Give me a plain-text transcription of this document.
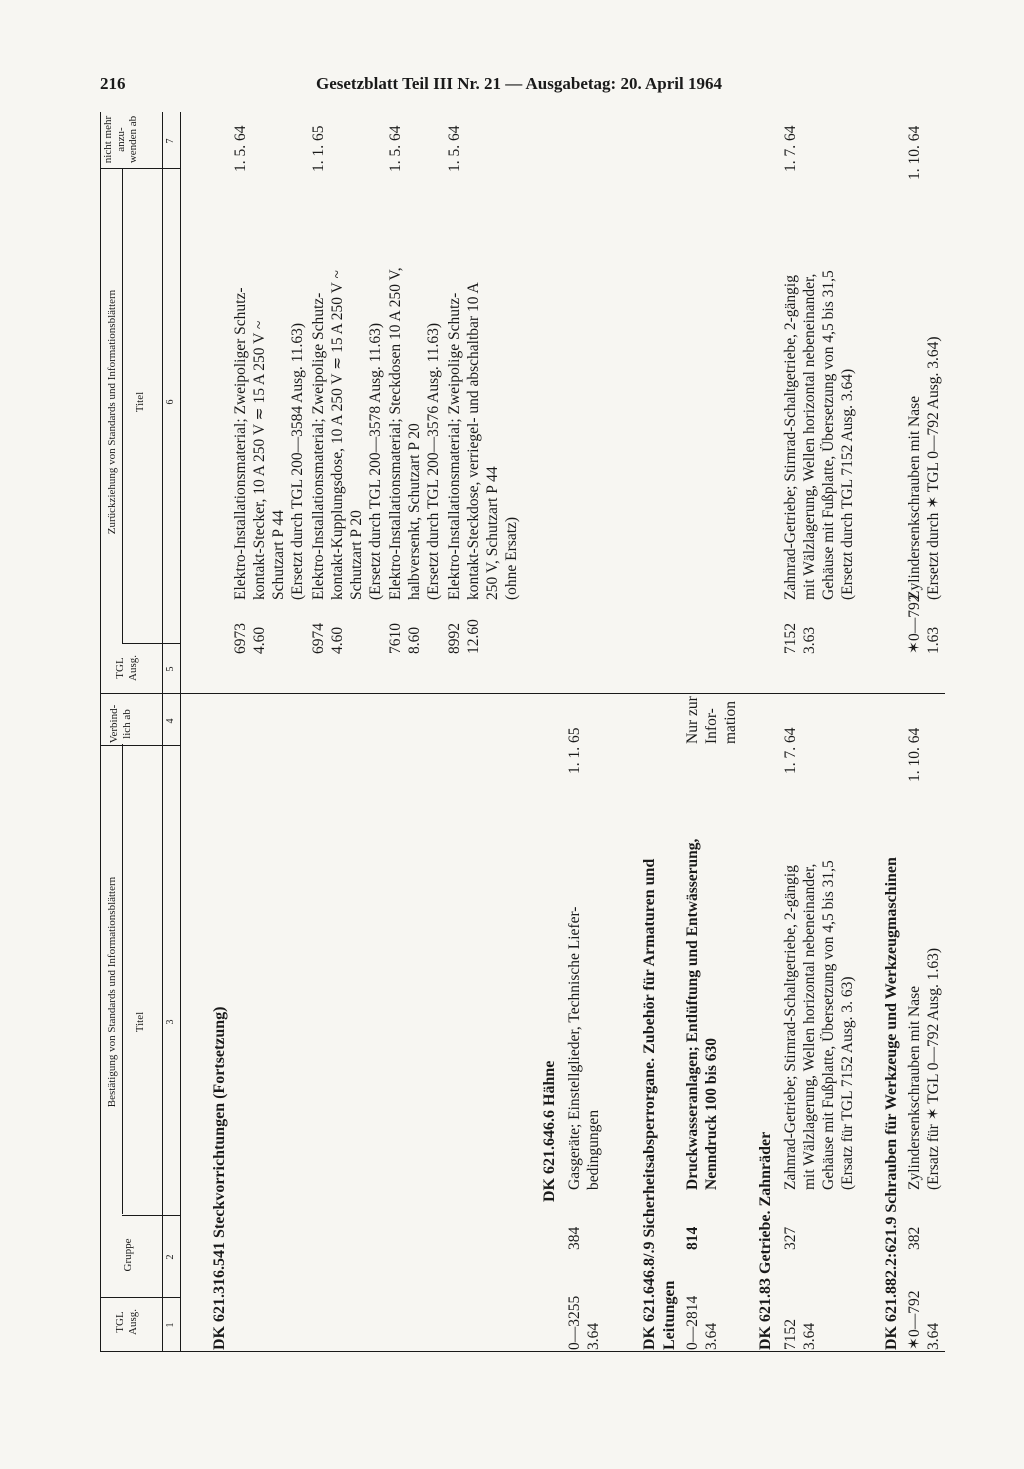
216	Gesetzblatt Teil III Nr. 21 — Ausgabetag: 20. April 1964
Bestätigung von Standards und Informationsblättern
Zurückziehung von Standards und Informationsblättern
TGL
Ausg.
Gruppe
Titel
Verbind-
lich ab
TGL
Ausg.
Titel
nicht mehr
anzu-
wenden ab
1
2
3
4
5
6
7
DK 621.316.541 Steckvorrichtungen (Fortsetzung)
6973
4.60
Elektro-Installationsmaterial; Zweipoliger Schutz-
kontakt-Stecker, 10 A 250 V ≂ 15 A 250 V ~
Schutzart P 44
(Ersetzt durch TGL 200—3584 Ausg. 11.63)
1. 5. 64
6974
4.60
Elektro-Installationsmaterial; Zweipolige Schutz-
kontakt-Kupplungsdose, 10 A 250 V ≂ 15 A 250 V ~
Schutzart P 20
(Ersetzt durch TGL 200—3578 Ausg. 11.63)
1. 1. 65
7610
8.60
Elektro-Installationsmaterial; Steckdosen 10 A 250 V,
halbversenkt, Schutzart P 20
(Ersetzt durch TGL 200—3576 Ausg. 11.63)
1. 5. 64
8992
12.60
Elektro-Installationsmaterial; Zweipolige Schutz-
kontakt-Steckdose, verriegel- und abschaltbar 10 A
250 V, Schutzart P 44
(ohne Ersatz)
1. 5. 64
DK 621.646.6 Hähne
0—3255
3.64
384
Gasgeräte; Einstellglieder, Technische Liefer-
bedingungen
1. 1. 65
DK 621.646.8/.9 Sicherheitsabsperrorgane. Zubehör für Armaturen und
Leitungen 0—2814
3.64
814
Druckwasseranlagen; Entlüftung und Entwässerung,
Nenndruck 100 bis 630
Nur zur
Infor-
mation
DK 621.83 Getriebe. Zahnräder 7152
3.64
327
Zahnrad-Getriebe; Stirnrad-Schaltgetriebe, 2-gängig
mit Wälzlagerung, Wellen horizontal nebeneinander,
Gehäuse mit Fußplatte, Übersetzung von 4,5 bis 31,5
(Ersatz für TGL 7152 Ausg. 3. 63)
1. 7. 64
7152
3.63
Zahnrad-Getriebe; Stirnrad-Schaltgetriebe, 2-gängig
mit Wälzlagerung, Wellen horizontal nebeneinander,
Gehäuse mit Fußplatte, Übersetzung von 4,5 bis 31,5
(Ersetzt durch TGL 7152 Ausg. 3.64)
1. 7. 64
DK 621.882.2:621.9 Schrauben für Werkzeuge und Werkzeugmaschinen ✶0—792
3.64
382
Zylindersenkschrauben mit Nase
(Ersatz für ✶ TGL 0—792 Ausg. 1.63)
1. 10. 64
✶0—792
1.63
Zylindersenkschrauben mit Nase
(Ersetzt durch ✶ TGL 0—792 Ausg. 3.64)
1. 10. 64
